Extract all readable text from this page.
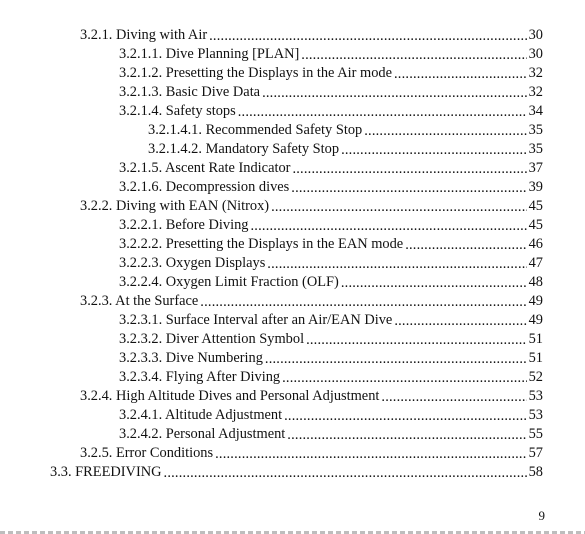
3.2.1. Diving with Air .....	30
3.2.1.1. Dive Planning [PLAN] .....	30
3.2.1.2. Presetting the Displays in the Air mode .....	32
3.2.1.3. Basic Dive Data .....	32
3.2.1.4. Safety stops .....	34
3.2.1.4.1. Recommended Safety Stop .....	35
3.2.1.4.2. Mandatory Safety Stop .....	35
3.2.1.5. Ascent Rate Indicator .....	37
3.2.1.6. Decompression dives .....	39
3.2.2. Diving with EAN (Nitrox) .....	45
3.2.2.1. Before Diving .....	45
3.2.2.2. Presetting the Displays in the EAN mode .....	46
3.2.2.3. Oxygen Displays .....	47
3.2.2.4. Oxygen Limit Fraction (OLF) .....	48
3.2.3. At the Surface .....	49
3.2.3.1. Surface Interval after an Air/EAN Dive .....	49
3.2.3.2. Diver Attention Symbol .....	51
3.2.3.3. Dive Numbering .....	51
3.2.3.4. Flying After Diving .....	52
3.2.4. High Altitude Dives and Personal Adjustment .....	53
3.2.4.1. Altitude Adjustment .....	53
3.2.4.2. Personal Adjustment .....	55
3.2.5. Error Conditions .....	57
3.3. FREEDIVING .....	58
9
